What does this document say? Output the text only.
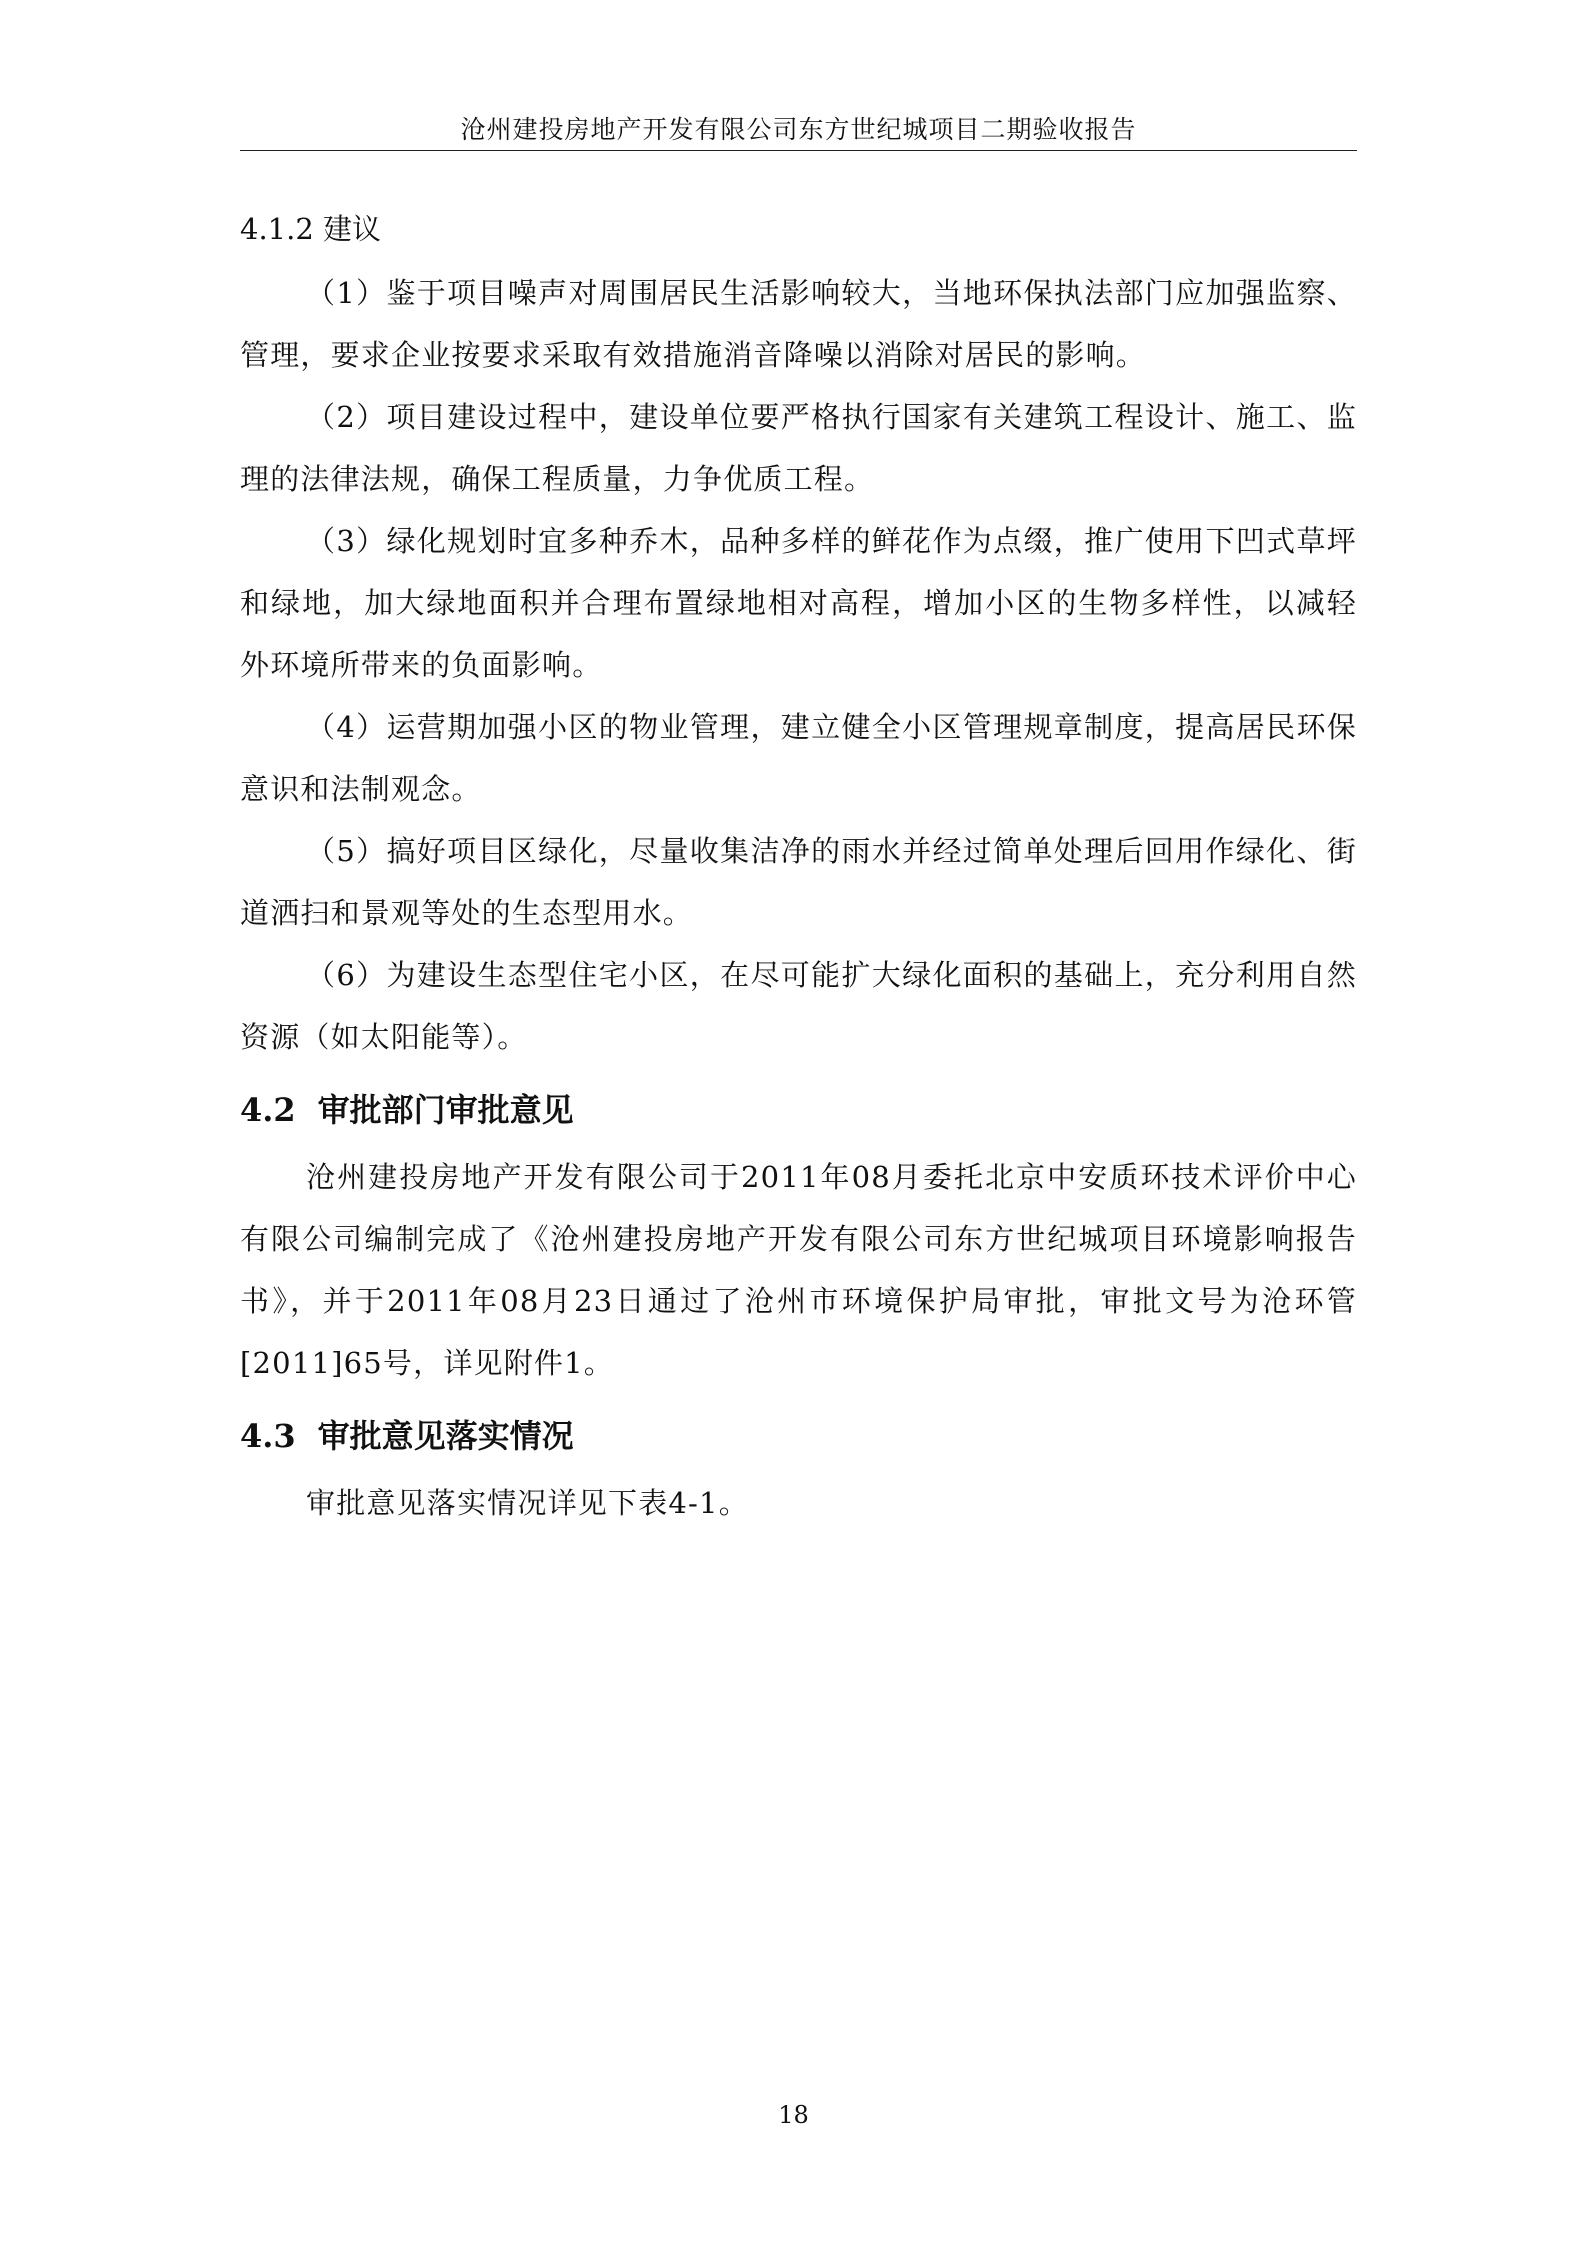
沧州建投房地产开发有限公司东方世纪城项目二期验收报告
4.1.2 建议

（1）鉴于项目噪声对周围居民生活影响较大，当地环保执法部门应加强监察、管理，要求企业按要求采取有效措施消音降噪以消除对居民的影响。

（2）项目建设过程中，建设单位要严格执行国家有关建筑工程设计、施工、监理的法律法规，确保工程质量，力争优质工程。

（3）绿化规划时宜多种乔木，品种多样的鲜花作为点缀，推广使用下凹式草坪和绿地，加大绿地面积并合理布置绿地相对高程，增加小区的生物多样性，以减轻外环境所带来的负面影响。

（4）运营期加强小区的物业管理，建立健全小区管理规章制度，提高居民环保意识和法制观念。

（5）搞好项目区绿化，尽量收集洁净的雨水并经过简单处理后回用作绿化、街道洒扫和景观等处的生态型用水。

（6）为建设生态型住宅小区，在尽可能扩大绿化面积的基础上，充分利用自然资源（如太阳能等）。

4.2 审批部门审批意见

沧州建投房地产开发有限公司于2011年08月委托北京中安质环技术评价中心有限公司编制完成了《沧州建投房地产开发有限公司东方世纪城项目环境影响报告书》，并于2011年08月23日通过了沧州市环境保护局审批，审批文号为沧环管[2011]65号，详见附件1。

4.3 审批意见落实情况

审批意见落实情况详见下表4-1。

18
